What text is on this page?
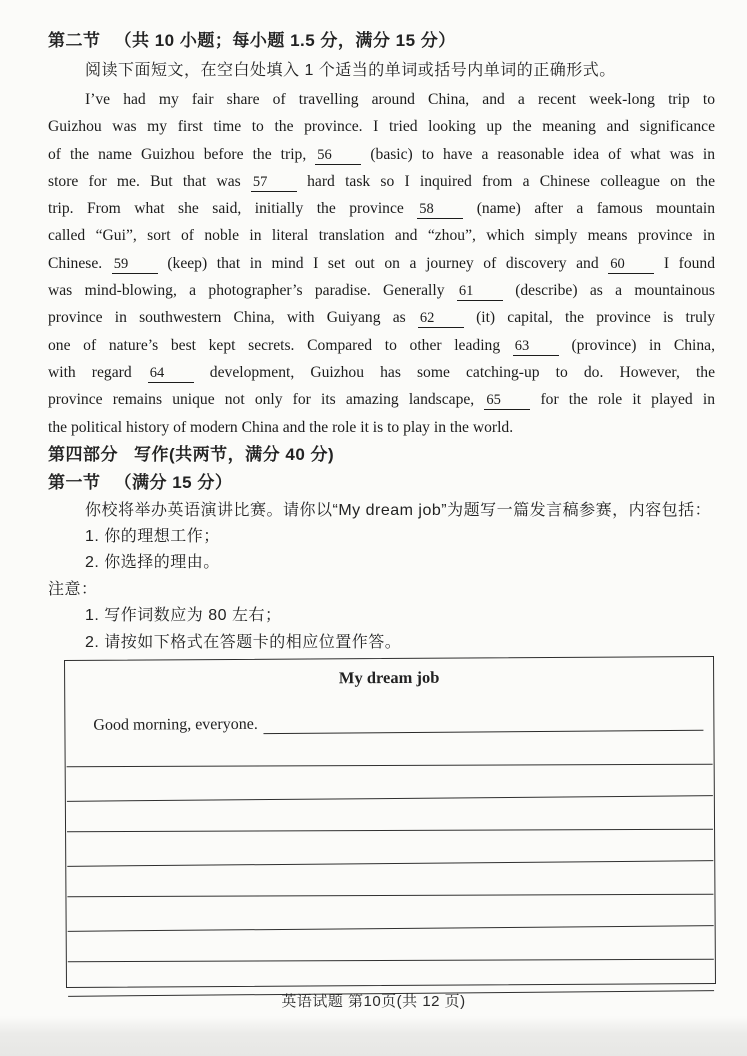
第二节 （共 10 小题；每小题 1.5 分，满分 15 分）
阅读下面短文，在空白处填入 1 个适当的单词或括号内单词的正确形式。
I’ve had my fair share of travelling around China, and a recent week-long trip to
Guizhou was my first time to the province. I tried looking up the meaning and significance
of the name Guizhou before the trip, 56 (basic) to have a reasonable idea of what was in
store for me. But that was 57 hard task so I inquired from a Chinese colleague on the
trip. From what she said, initially the province 58 (name) after a famous mountain
called “Gui”, sort of noble in literal translation and “zhou”, which simply means province in
Chinese. 59 (keep) that in mind I set out on a journey of discovery and 60 I found
was mind-blowing, a photographer’s paradise. Generally 61 (describe) as a mountainous
province in southwestern China, with Guiyang as 62 (it) capital, the province is truly
one of nature’s best kept secrets. Compared to other leading 63 (province) in China,
with regard 64 development, Guizhou has some catching-up to do. However, the
province remains unique not only for its amazing landscape, 65 for the role it played in
the political history of modern China and the role it is to play in the world.
第四部分 写作(共两节，满分 40 分)
第一节 （满分 15 分）
你校将举办英语演讲比赛。请你以“My dream job”为题写一篇发言稿参赛，内容包括：
1. 你的理想工作；
2. 你选择的理由。
注意：
1. 写作词数应为 80 左右；
2. 请按如下格式在答题卡的相应位置作答。
My dream job
Good morning, everyone.
英语试题 第10页(共 12 页)
